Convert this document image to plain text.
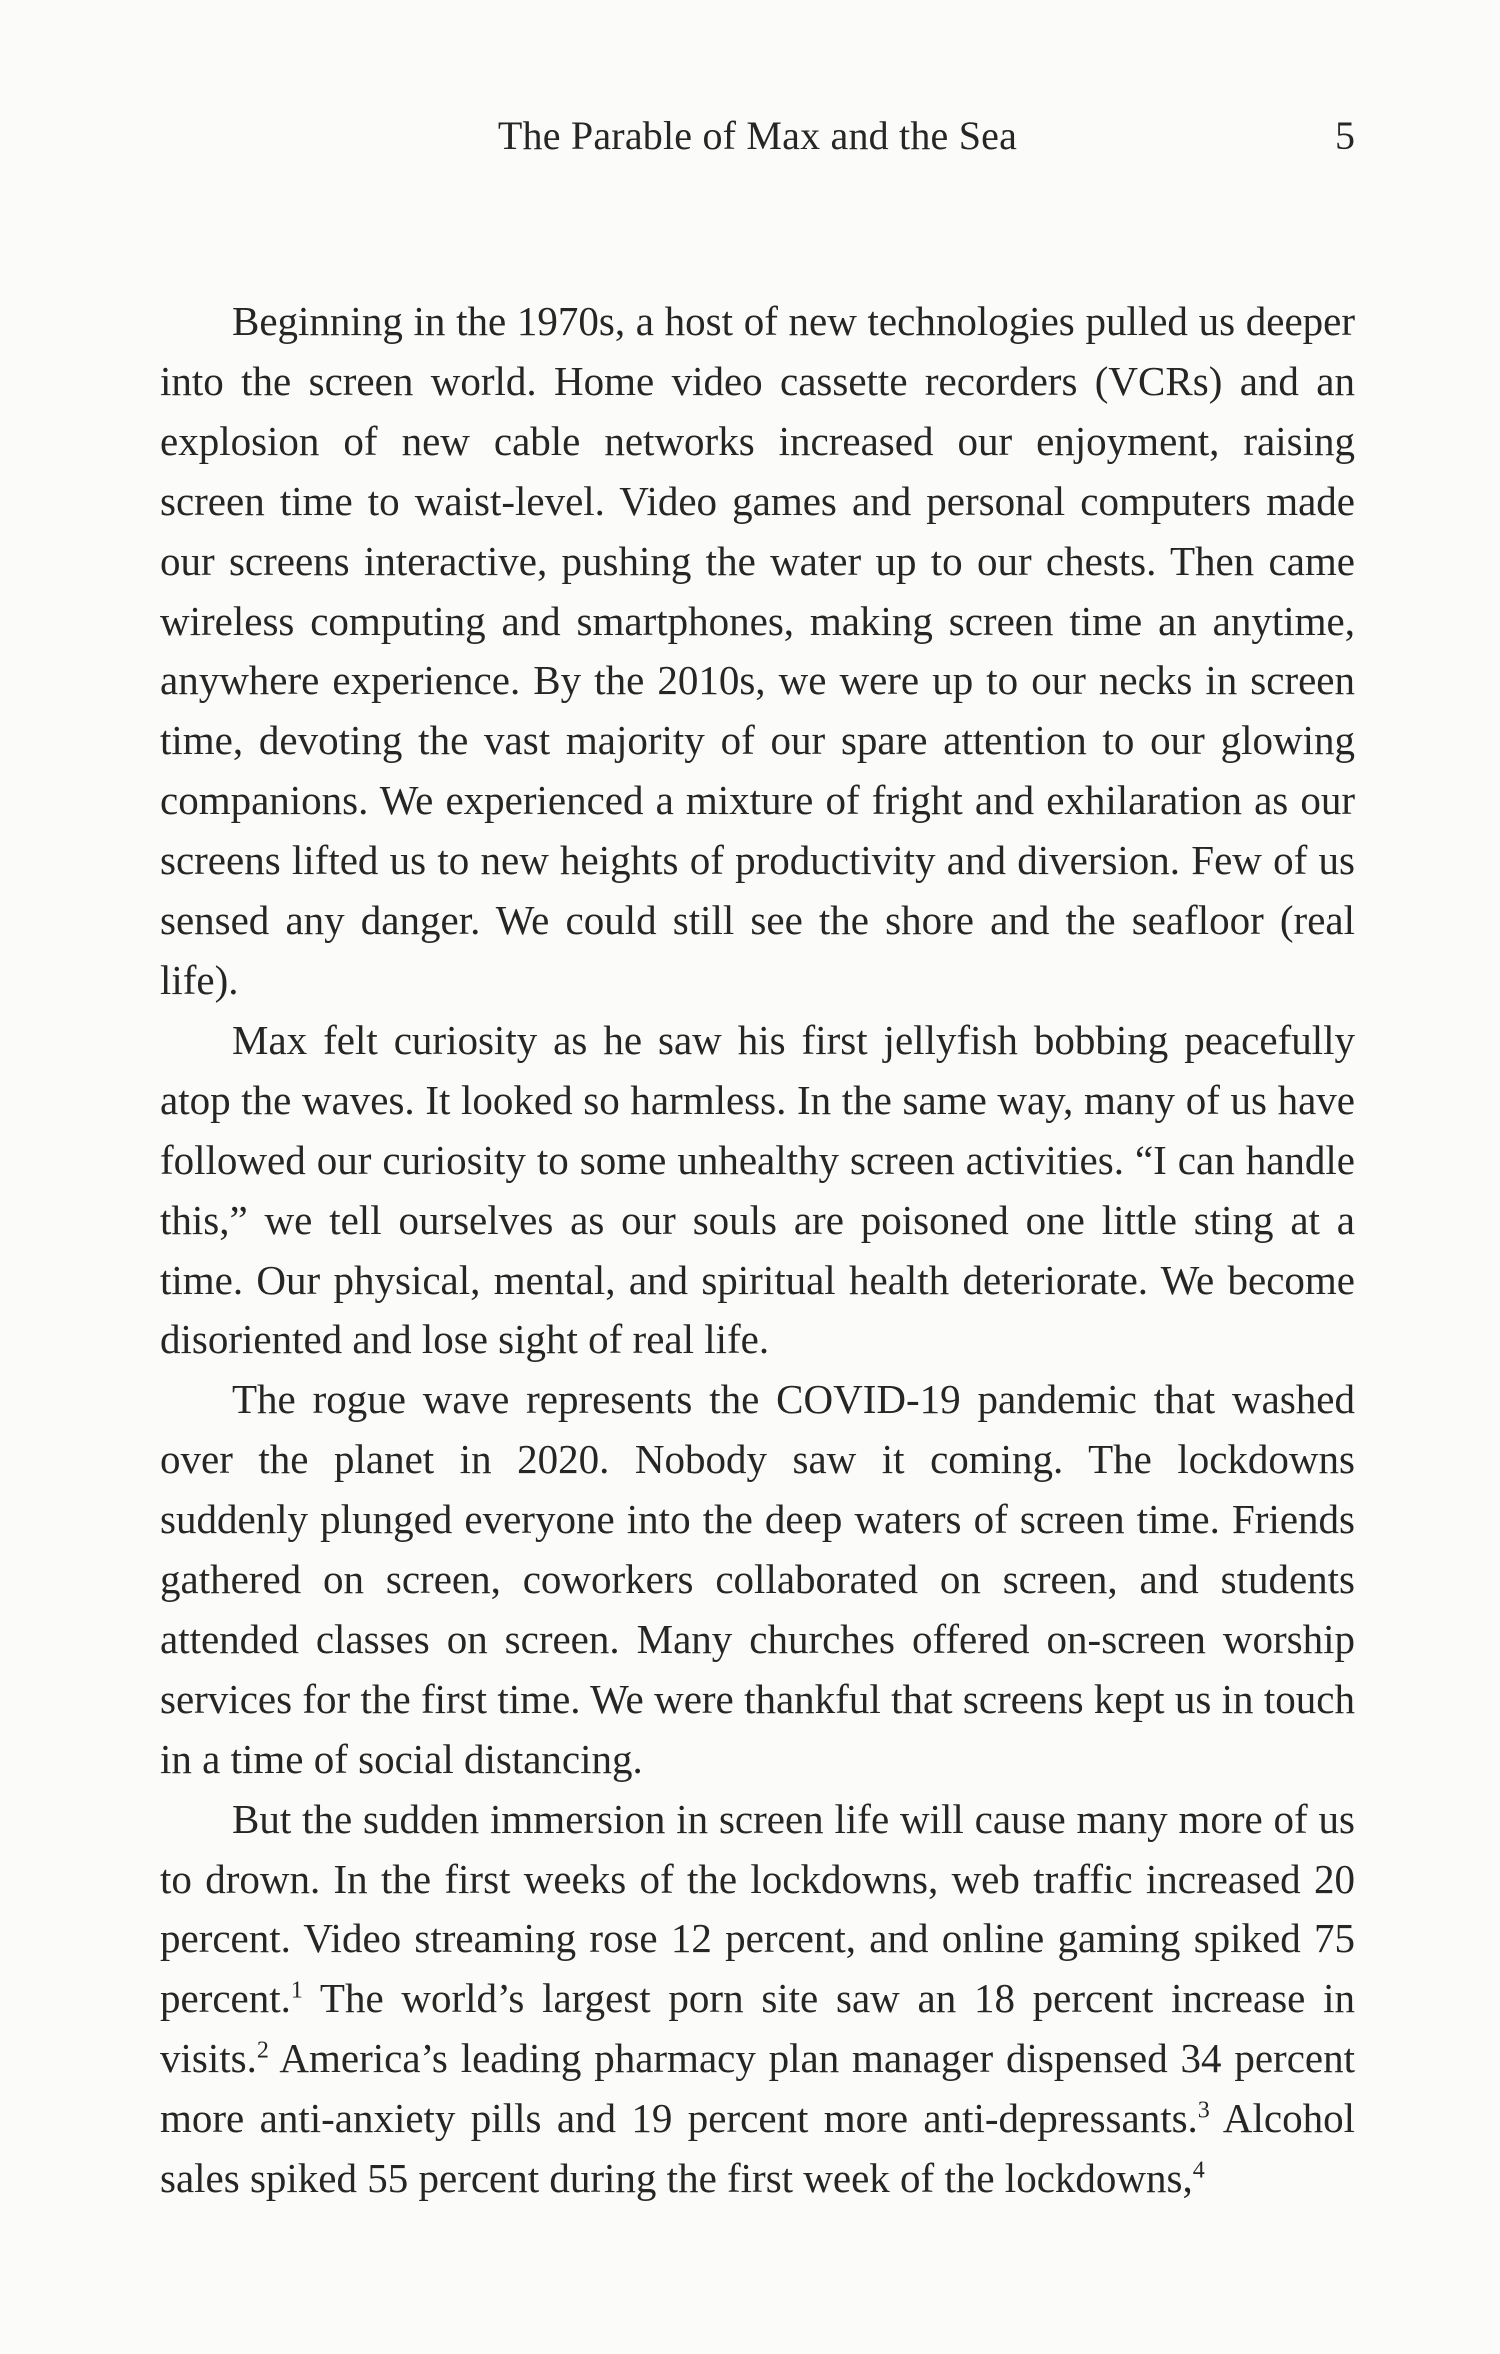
The Parable of Max and the Sea	5

Beginning in the 1970s, a host of new technologies pulled us deeper into the screen world. Home video cassette recorders (VCRs) and an explosion of new cable networks increased our enjoyment, raising screen time to waist-level. Video games and personal computers made our screens interactive, pushing the water up to our chests. Then came wireless computing and smartphones, making screen time an anytime, anywhere experience. By the 2010s, we were up to our necks in screen time, devoting the vast majority of our spare attention to our glowing companions. We experienced a mixture of fright and exhilaration as our screens lifted us to new heights of productivity and diversion. Few of us sensed any danger. We could still see the shore and the seafloor (real life).

Max felt curiosity as he saw his first jellyfish bobbing peacefully atop the waves. It looked so harmless. In the same way, many of us have followed our curiosity to some unhealthy screen activities. “I can handle this,” we tell ourselves as our souls are poisoned one little sting at a time. Our physical, mental, and spiritual health deteriorate. We become disoriented and lose sight of real life.

The rogue wave represents the COVID-19 pandemic that washed over the planet in 2020. Nobody saw it coming. The lockdowns suddenly plunged everyone into the deep waters of screen time. Friends gathered on screen, coworkers collaborated on screen, and students attended classes on screen. Many churches offered on-screen worship services for the first time. We were thankful that screens kept us in touch in a time of social distancing.

But the sudden immersion in screen life will cause many more of us to drown. In the first weeks of the lockdowns, web traffic increased 20 percent. Video streaming rose 12 percent, and online gaming spiked 75 percent.$^1$ The world’s largest porn site saw an 18 percent increase in visits.$^2$ America’s leading pharmacy plan manager dispensed 34 percent more anti-anxiety pills and 19 percent more anti-depressants.$^3$ Alcohol sales spiked 55 percent during the first week of the lockdowns,$^4$
